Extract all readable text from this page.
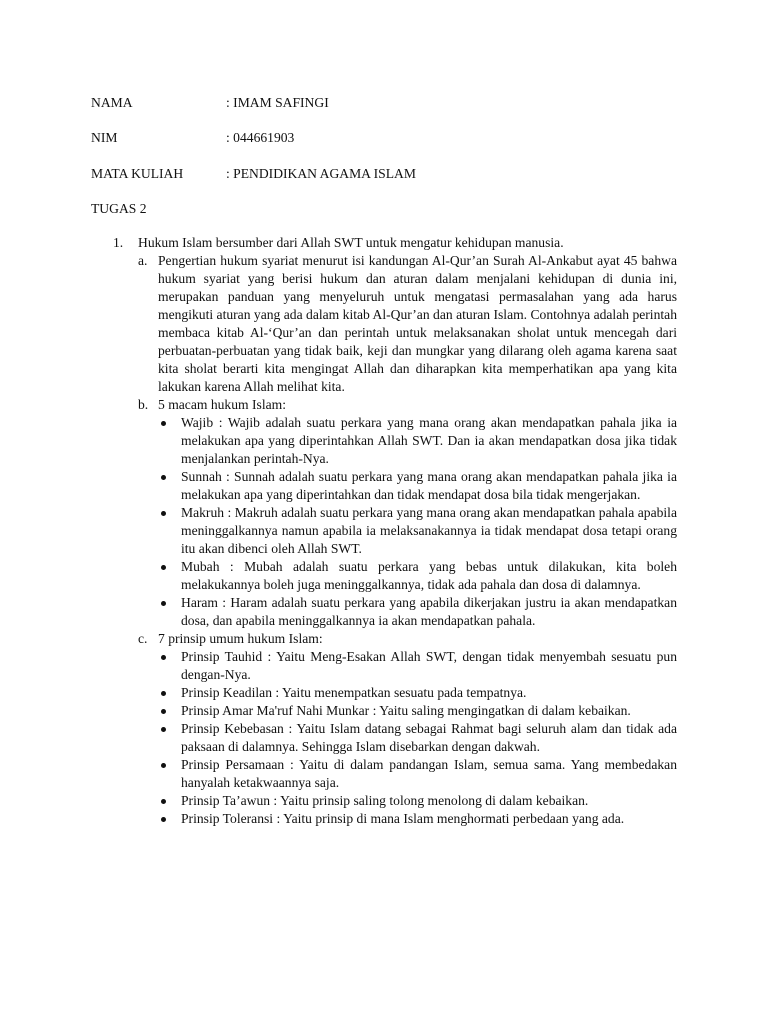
NAMA	: IMAM SAFINGI
NIM	: 044661903
MATA KULIAH	: PENDIDIKAN AGAMA ISLAM
TUGAS 2
1. Hukum Islam bersumber dari Allah SWT untuk mengatur kehidupan manusia.
a. Pengertian hukum syariat menurut isi kandungan Al-Qur’an Surah Al-Ankabut ayat 45 bahwa hukum syariat yang berisi hukum dan aturan dalam menjalani kehidupan di dunia ini, merupakan panduan yang menyeluruh untuk mengatasi permasalahan yang ada harus mengikuti aturan yang ada dalam kitab Al-Qur’an dan aturan Islam. Contohnya adalah perintah membaca kitab Al-‘Qur’an dan perintah untuk melaksanakan sholat untuk mencegah dari perbuatan-perbuatan yang tidak baik, keji dan mungkar yang dilarang oleh agama karena saat kita sholat berarti kita mengingat Allah dan diharapkan kita memperhatikan apa yang kita lakukan karena Allah melihat kita.
b. 5 macam hukum Islam:
Wajib : Wajib adalah suatu perkara yang mana orang akan mendapatkan pahala jika ia melakukan apa yang diperintahkan Allah SWT. Dan ia akan mendapatkan dosa jika tidak menjalankan perintah-Nya.
Sunnah : Sunnah adalah suatu perkara yang mana orang akan mendapatkan pahala jika ia melakukan apa yang diperintahkan dan tidak mendapat dosa bila tidak mengerjakan.
Makruh : Makruh adalah suatu perkara yang mana orang akan mendapatkan pahala apabila meninggalkannya namun apabila ia melaksanakannya ia tidak mendapat dosa tetapi orang itu akan dibenci oleh Allah SWT.
Mubah : Mubah adalah suatu perkara yang bebas untuk dilakukan, kita boleh melakukannya boleh juga meninggalkannya, tidak ada pahala dan dosa di dalamnya.
Haram : Haram adalah suatu perkara yang apabila dikerjakan justru ia akan mendapatkan dosa, dan apabila meninggalkannya ia akan mendapatkan pahala.
c. 7 prinsip umum hukum Islam:
Prinsip Tauhid : Yaitu Meng-Esakan Allah SWT, dengan tidak menyembah sesuatu pun dengan-Nya.
Prinsip Keadilan : Yaitu menempatkan sesuatu pada tempatnya.
Prinsip Amar Ma'ruf Nahi Munkar : Yaitu saling mengingatkan di dalam kebaikan.
Prinsip Kebebasan : Yaitu Islam datang sebagai Rahmat bagi seluruh alam dan tidak ada paksaan di dalamnya. Sehingga Islam disebarkan dengan dakwah.
Prinsip Persamaan : Yaitu di dalam pandangan Islam, semua sama. Yang membedakan hanyalah ketakwaannya saja.
Prinsip Ta’awun : Yaitu prinsip saling tolong menolong di dalam kebaikan.
Prinsip Toleransi : Yaitu prinsip di mana Islam menghormati perbedaan yang ada.
